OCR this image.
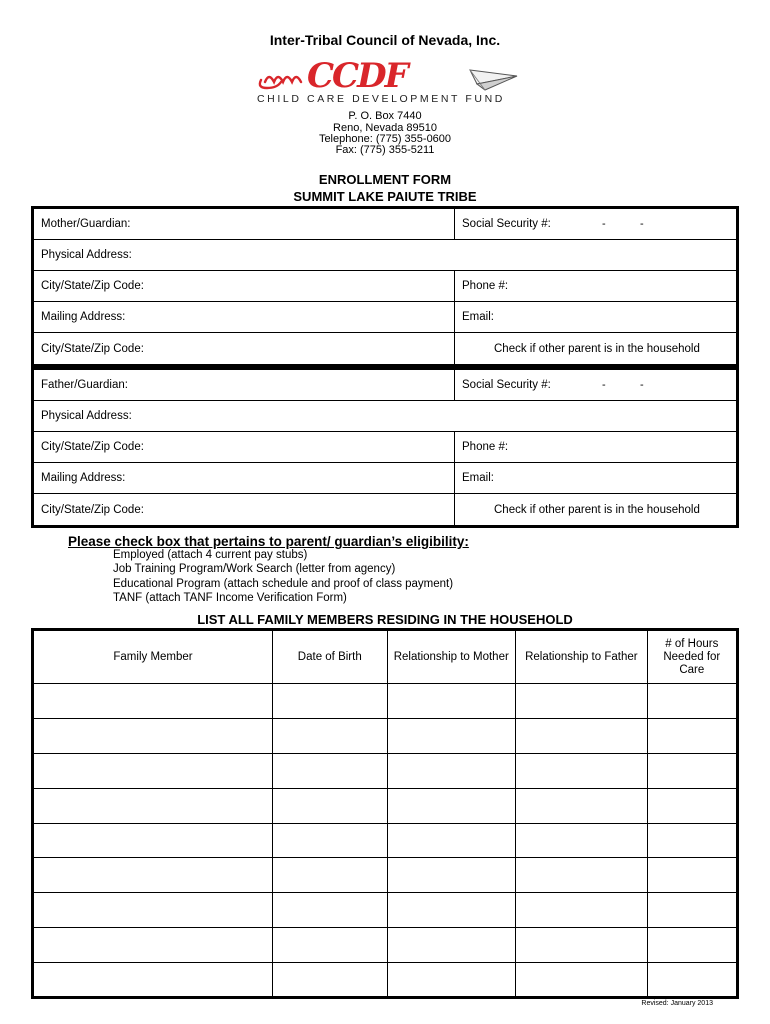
Inter-Tribal Council of Nevada, Inc.
CCDF
CHILD CARE DEVELOPMENT FUND
P. O. Box 7440
Reno, Nevada 89510
Telephone: (775) 355-0600
Fax: (775) 355-5211
ENROLLMENT FORM
SUMMIT LAKE PAIUTE TRIBE
Mother/Guardian:	Social Security #:	-	-
Physical Address:
City/State/Zip Code:	Phone #:
Mailing Address:	Email:
City/State/Zip Code:	Check if other parent is in the household
Father/Guardian:	Social Security #:	-	-
Physical Address:
City/State/Zip Code:	Phone #:
Mailing Address:	Email:
City/State/Zip Code:	Check if other parent is in the household
Please check box that pertains to parent/ guardian’s eligibility:
Employed (attach 4 current pay stubs)
Job Training Program/Work Search (letter from agency)
Educational Program (attach schedule and proof of class payment)
TANF (attach TANF Income Verification Form)
LIST ALL FAMILY MEMBERS RESIDING IN THE HOUSEHOLD
Family Member	Date of Birth	Relationship to Mother	Relationship to Father	# of Hours Needed for Care

Revised: January 2013
